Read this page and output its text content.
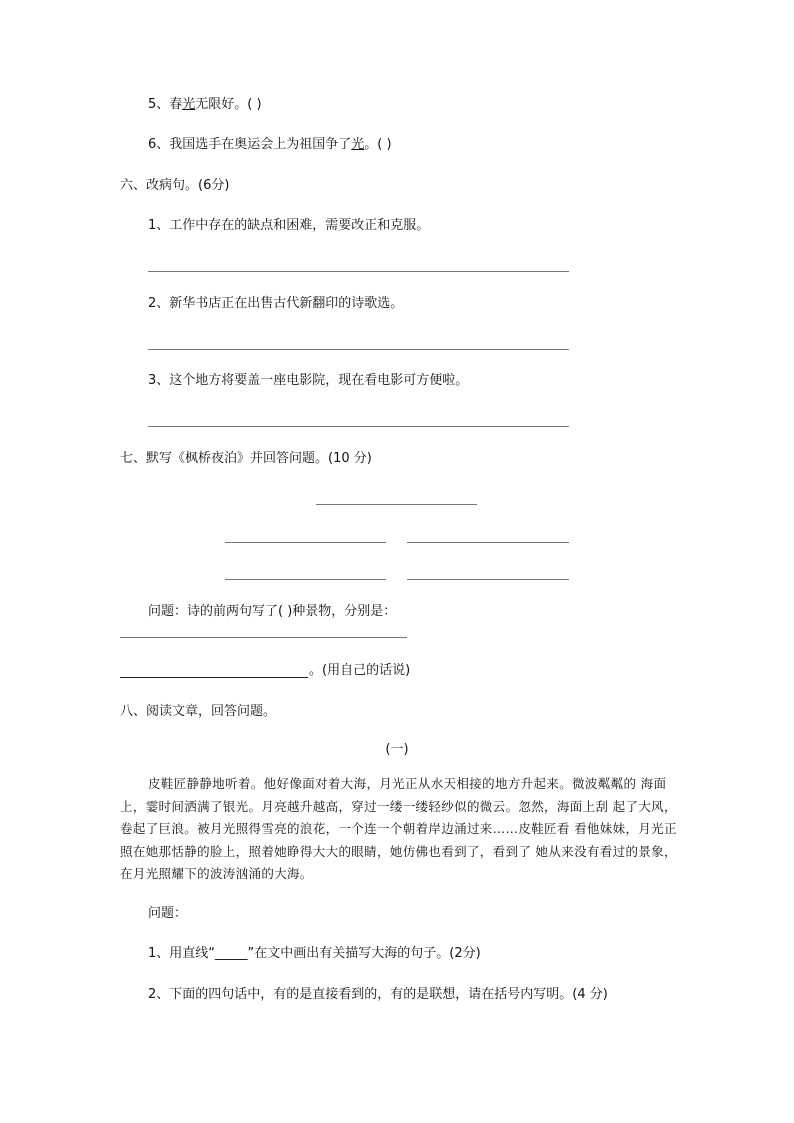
5、春光无限好。( )
6、我国选手在奥运会上为祖国争了光。( )
六、改病句。(6分)
1、工作中存在的缺点和困难，需要改正和克服。
2、新华书店正在出售古代新翻印的诗歌选。
3、这个地方将要盖一座电影院，现在看电影可方便啦。
七、默写《枫桥夜泊》并回答问题。(10 分)
问题：诗的前两句写了( )种景物，分别是：
。(用自己的话说)
八、阅读文章，回答问题。
(一)
皮鞋匠静静地听着。他好像面对着大海，月光正从水天相接的地方升起来。微波粼粼的 海面上，霎时间洒满了银光。月亮越升越高，穿过一缕一缕轻纱似的微云。忽然，海面上刮 起了大风，卷起了巨浪。被月光照得雪亮的浪花，一个连一个朝着岸边涌过来……皮鞋匠看 看他妹妹，月光正照在她那恬静的脸上，照着她睁得大大的眼睛，她仿佛也看到了，看到了 她从来没有看过的景象，在月光照耀下的波涛汹涌的大海。
问题：
1、用直线“_____”在文中画出有关描写大海的句子。(2分)
2、下面的四句话中，有的是直接看到的，有的是联想，请在括号内写明。(4 分)
